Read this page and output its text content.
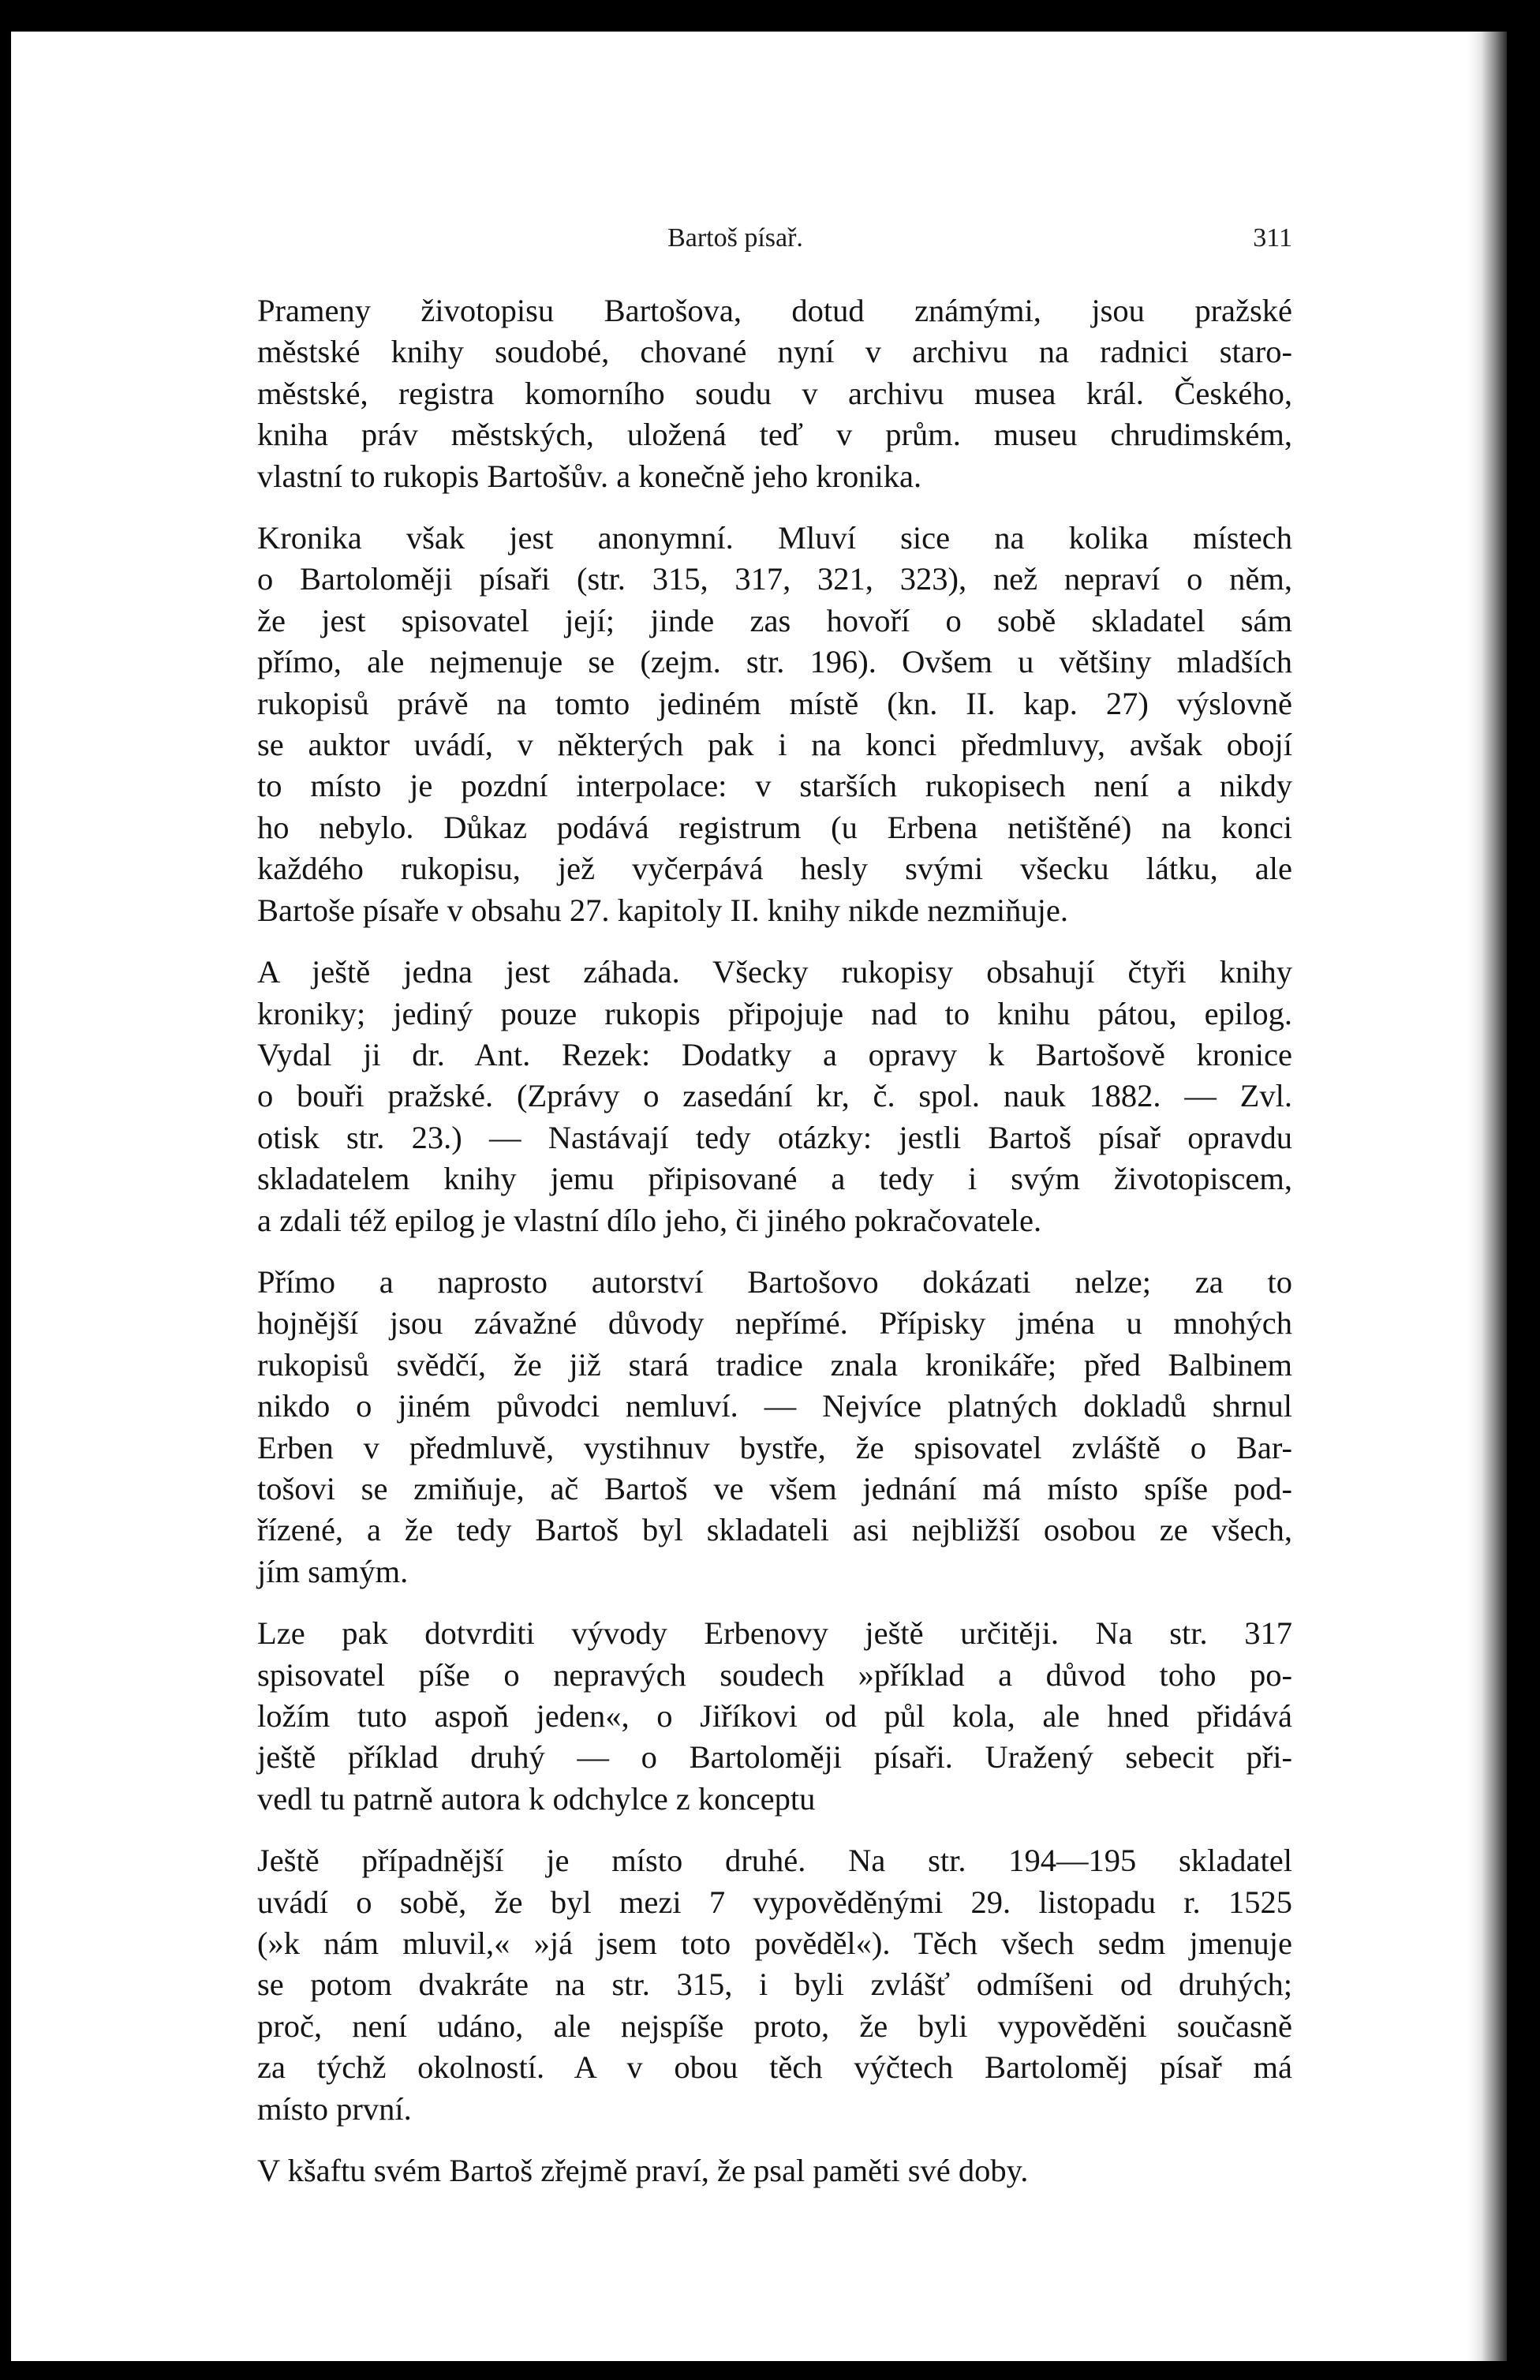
Bartoš písař.	311
Prameny životopisu Bartošova, dotud známými, jsou pražské
městské knihy soudobé, chované nyní v archivu na radnici staro-
městské, registra komorního soudu v archivu musea král. Českého,
kniha práv městských, uložená teď v prům. museu chrudimském,
vlastní to rukopis Bartošův. a konečně jeho kronika.
Kronika však jest anonymní. Mluví sice na kolika místech
o Bartoloměji písaři (str. 315, 317, 321, 323), než nepraví o něm,
že jest spisovatel její; jinde zas hovoří o sobě skladatel sám
přímo, ale nejmenuje se (zejm. str. 196). Ovšem u většiny mladších
rukopisů právě na tomto jediném místě (kn. II. kap. 27) výslovně
se auktor uvádí, v některých pak i na konci předmluvy, avšak obojí
to místo je pozdní interpolace: v starších rukopisech není a nikdy
ho nebylo. Důkaz podává registrum (u Erbena netištěné) na konci
každého rukopisu, jež vyčerpává hesly svými všecku látku, ale
Bartoše písaře v obsahu 27. kapitoly II. knihy nikde nezmiňuje.
A ještě jedna jest záhada. Všecky rukopisy obsahují čtyři knihy
kroniky; jediný pouze rukopis připojuje nad to knihu pátou, epilog.
Vydal ji dr. Ant. Rezek: Dodatky a opravy k Bartošově kronice
o bouři pražské. (Zprávy o zasedání kr, č. spol. nauk 1882. — Zvl.
otisk str. 23.) — Nastávají tedy otázky: jestli Bartoš písař opravdu
skladatelem knihy jemu připisované a tedy i svým životopiscem,
a zdali též epilog je vlastní dílo jeho, či jiného pokračovatele.
Přímo a naprosto autorství Bartošovo dokázati nelze; za to
hojnější jsou závažné důvody nepřímé. Přípisky jména u mnohých
rukopisů svědčí, že již stará tradice znala kronikáře; před Balbinem
nikdo o jiném původci nemluví. — Nejvíce platných dokladů shrnul
Erben v předmluvě, vystihnuv bystře, že spisovatel zvláště o Bar-
tošovi se zmiňuje, ač Bartoš ve všem jednání má místo spíše pod-
řízené, a že tedy Bartoš byl skladateli asi nejbližší osobou ze všech,
jím samým.
Lze pak dotvrditi vývody Erbenovy ještě určitěji. Na str. 317
spisovatel píše o nepravých soudech »příklad a důvod toho po-
ložím tuto aspoň jeden«, o Jiříkovi od půl kola, ale hned přidává
ještě příklad druhý — o Bartoloměji písaři. Uražený sebecit při-
vedl tu patrně autora k odchylce z konceptu
Ještě případnější je místo druhé. Na str. 194—195 skladatel
uvádí o sobě, že byl mezi 7 vypověděnými 29. listopadu r. 1525
(»k nám mluvil,« »já jsem toto pověděl«). Těch všech sedm jmenuje
se potom dvakráte na str. 315, i byli zvlášť odmíšeni od druhých;
proč, není udáno, ale nejspíše proto, že byli vypověděni současně
za týchž okolností. A v obou těch výčtech Bartoloměj písař má
místo první.
V kšaftu svém Bartoš zřejmě praví, že psal paměti své doby.
